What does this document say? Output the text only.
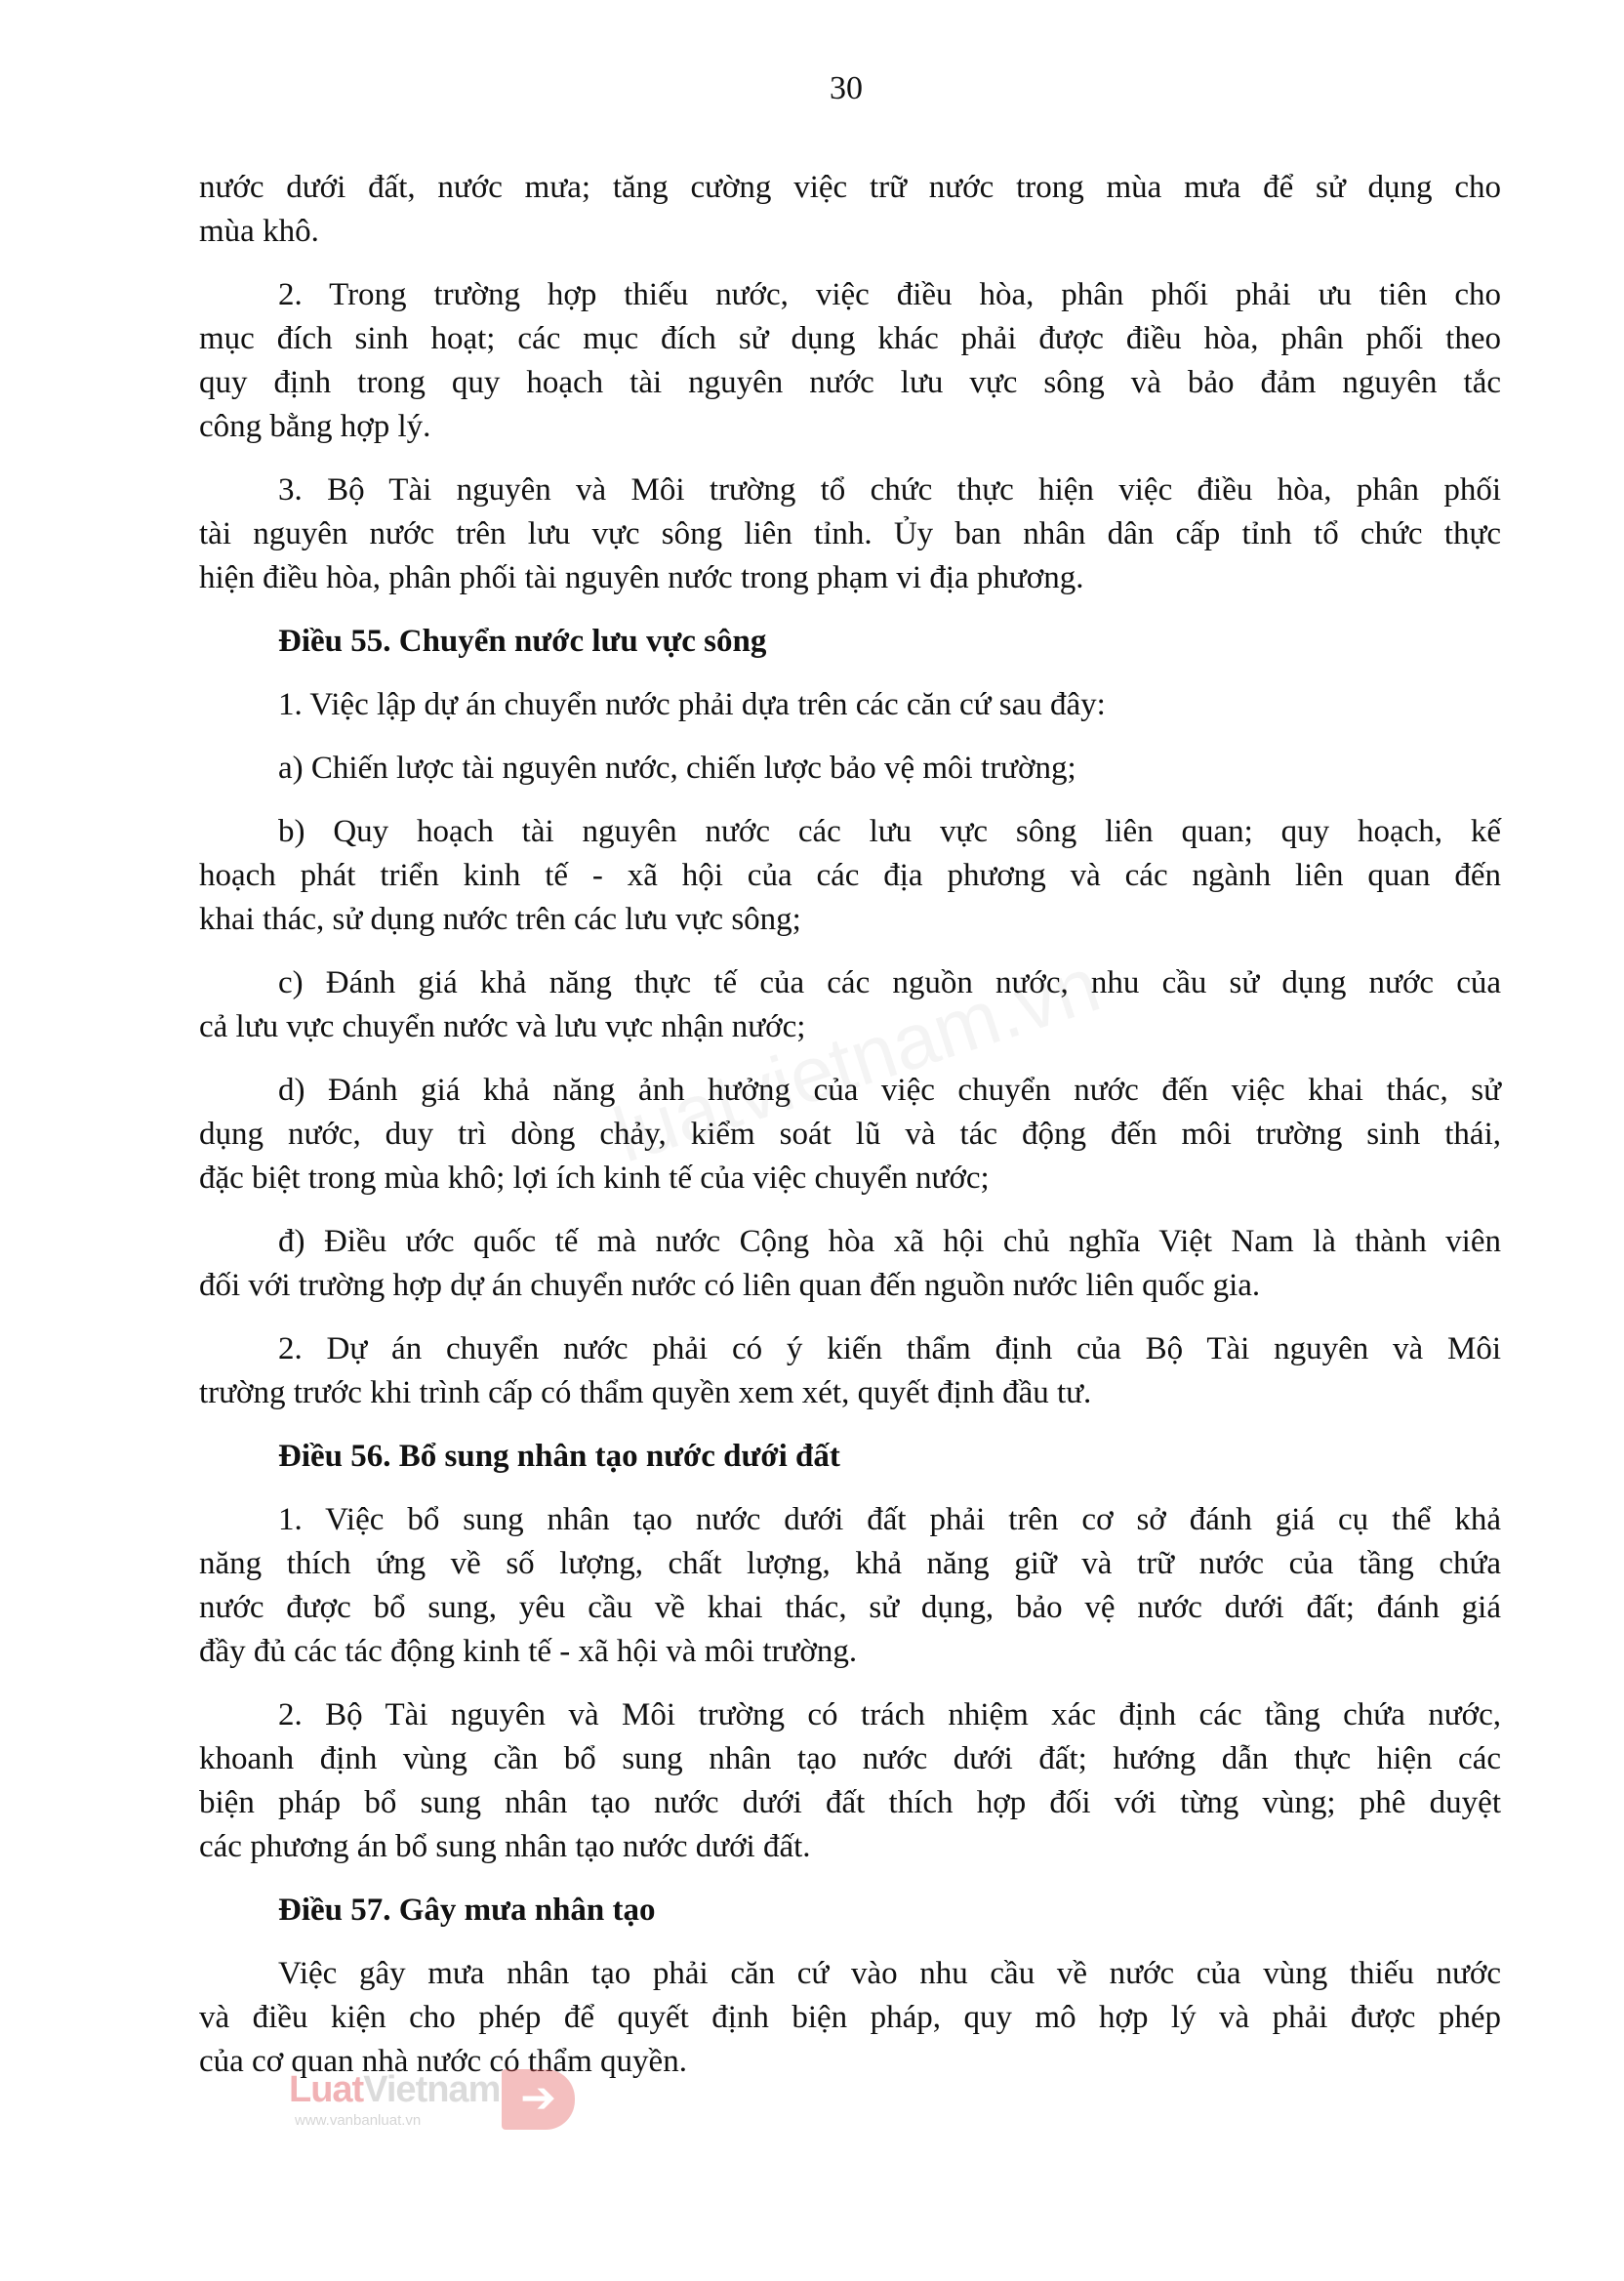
30
nước dưới đất, nước mưa; tăng cường việc trữ nước trong mùa mưa để sử dụng cho
mùa khô.
2. Trong trường hợp thiếu nước, việc điều hòa, phân phối phải ưu tiên cho
mục đích sinh hoạt; các mục đích sử dụng khác phải được điều hòa, phân phối theo
quy định trong quy hoạch tài nguyên nước lưu vực sông và bảo đảm nguyên tắc
công bằng hợp lý.
3. Bộ Tài nguyên và Môi trường tổ chức thực hiện việc điều hòa, phân phối
tài nguyên nước trên lưu vực sông liên tỉnh. Ủy ban nhân dân cấp tỉnh tổ chức thực
hiện điều hòa, phân phối tài nguyên nước trong phạm vi địa phương.
Điều 55. Chuyển nước lưu vực sông
1. Việc lập dự án chuyển nước phải dựa trên các căn cứ sau đây:
a) Chiến lược tài nguyên nước, chiến lược bảo vệ môi trường;
b) Quy hoạch tài nguyên nước các lưu vực sông liên quan; quy hoạch, kế
hoạch phát triển kinh tế - xã hội của các địa phương và các ngành liên quan đến
khai thác, sử dụng nước trên các lưu vực sông;
c) Đánh giá khả năng thực tế của các nguồn nước, nhu cầu sử dụng nước của
cả lưu vực chuyển nước và lưu vực nhận nước;
d) Đánh giá khả năng ảnh hưởng của việc chuyển nước đến việc khai thác, sử
dụng nước, duy trì dòng chảy, kiểm soát lũ và tác động đến môi trường sinh thái,
đặc biệt trong mùa khô; lợi ích kinh tế của việc chuyển nước;
đ) Điều ước quốc tế mà nước Cộng hòa xã hội chủ nghĩa Việt Nam là thành viên
đối với trường hợp dự án chuyển nước có liên quan đến nguồn nước liên quốc gia.
2. Dự án chuyển nước phải có ý kiến thẩm định của Bộ Tài nguyên và Môi
trường trước khi trình cấp có thẩm quyền xem xét, quyết định đầu tư.
Điều 56. Bổ sung nhân tạo nước dưới đất
1. Việc bổ sung nhân tạo nước dưới đất phải trên cơ sở đánh giá cụ thể khả
năng thích ứng về số lượng, chất lượng, khả năng giữ và trữ nước của tầng chứa
nước được bổ sung, yêu cầu về khai thác, sử dụng, bảo vệ nước dưới đất; đánh giá
đầy đủ các tác động kinh tế - xã hội và môi trường.
2. Bộ Tài nguyên và Môi trường có trách nhiệm xác định các tầng chứa nước,
khoanh định vùng cần bổ sung nhân tạo nước dưới đất; hướng dẫn thực hiện các
biện pháp bổ sung nhân tạo nước dưới đất thích hợp đối với từng vùng; phê duyệt
các phương án bổ sung nhân tạo nước dưới đất.
Điều 57. Gây mưa nhân tạo
Việc gây mưa nhân tạo phải căn cứ vào nhu cầu về nước của vùng thiếu nước
và điều kiện cho phép để quyết định biện pháp, quy mô hợp lý và phải được phép
của cơ quan nhà nước có thẩm quyền.
LuatVietnam
www.vanbanluat.vn	➔
